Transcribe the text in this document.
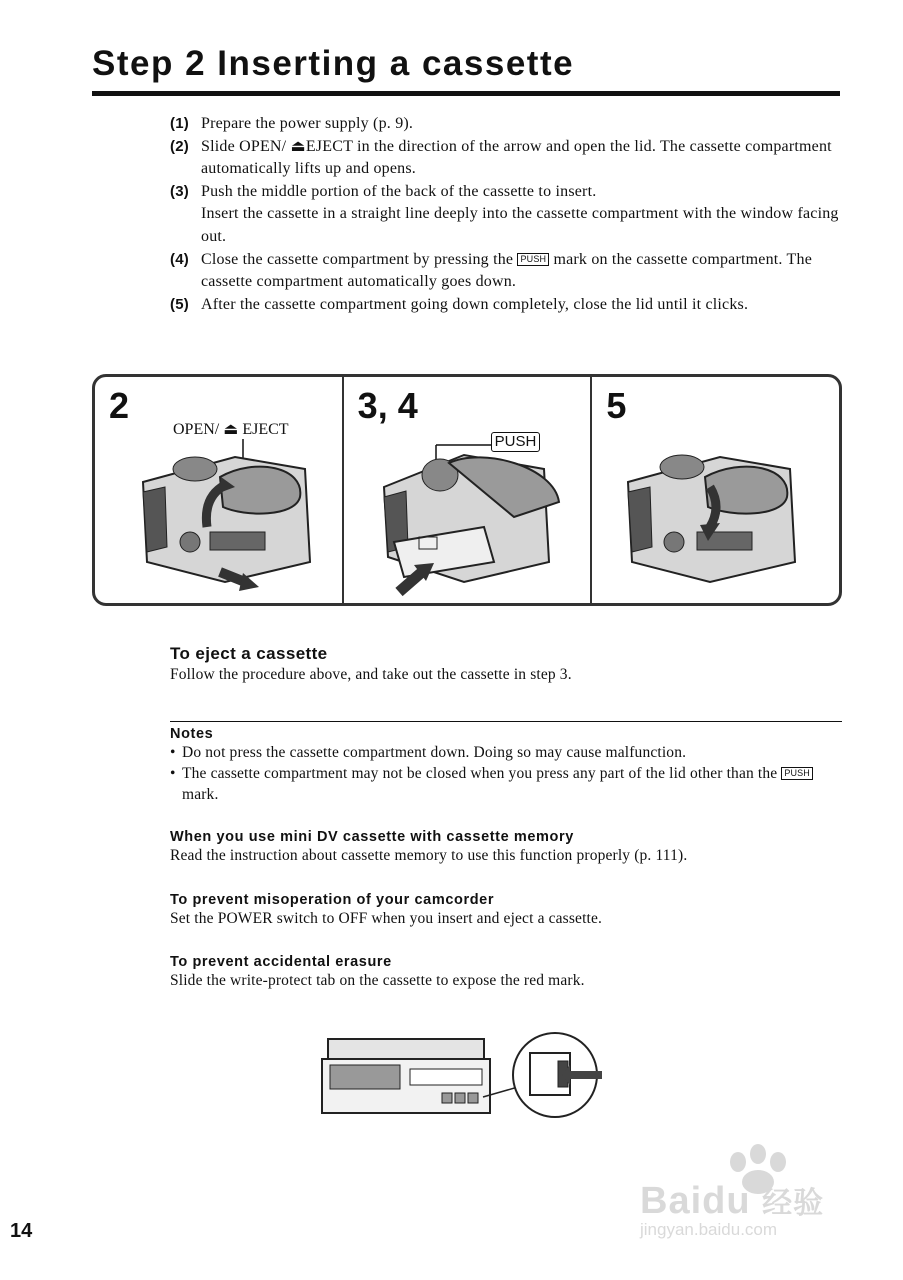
Step 2 Inserting a cassette
(1) Prepare the power supply (p. 9).
(2) Slide OPEN/ ⏏EJECT in the direction of the arrow and open the lid. The cassette compartment automatically lifts up and opens.
(3) Push the middle portion of the back of the cassette to insert.
Insert the cassette in a straight line deeply into the cassette compartment with the window facing out.
(4) Close the cassette compartment by pressing the PUSH mark on the cassette compartment. The cassette compartment automatically goes down.
(5) After the cassette compartment going down completely, close the lid until it clicks.
2
OPEN/ ⏏ EJECT
3, 4
PUSH
5
To eject a cassette
Follow the procedure above, and take out the cassette in step 3.
Notes
• Do not press the cassette compartment down. Doing so may cause malfunction.
• The cassette compartment may not be closed when you press any part of the lid other than the PUSH mark.
When you use mini DV cassette with cassette memory
Read the instruction about cassette memory to use this function properly (p. 111).
To prevent misoperation of your camcorder
Set the POWER switch to OFF when you insert and eject a cassette.
To prevent accidental erasure
Slide the write-protect tab on the cassette to expose the red mark.
14
Baidu 经验
jingyan.baidu.com
